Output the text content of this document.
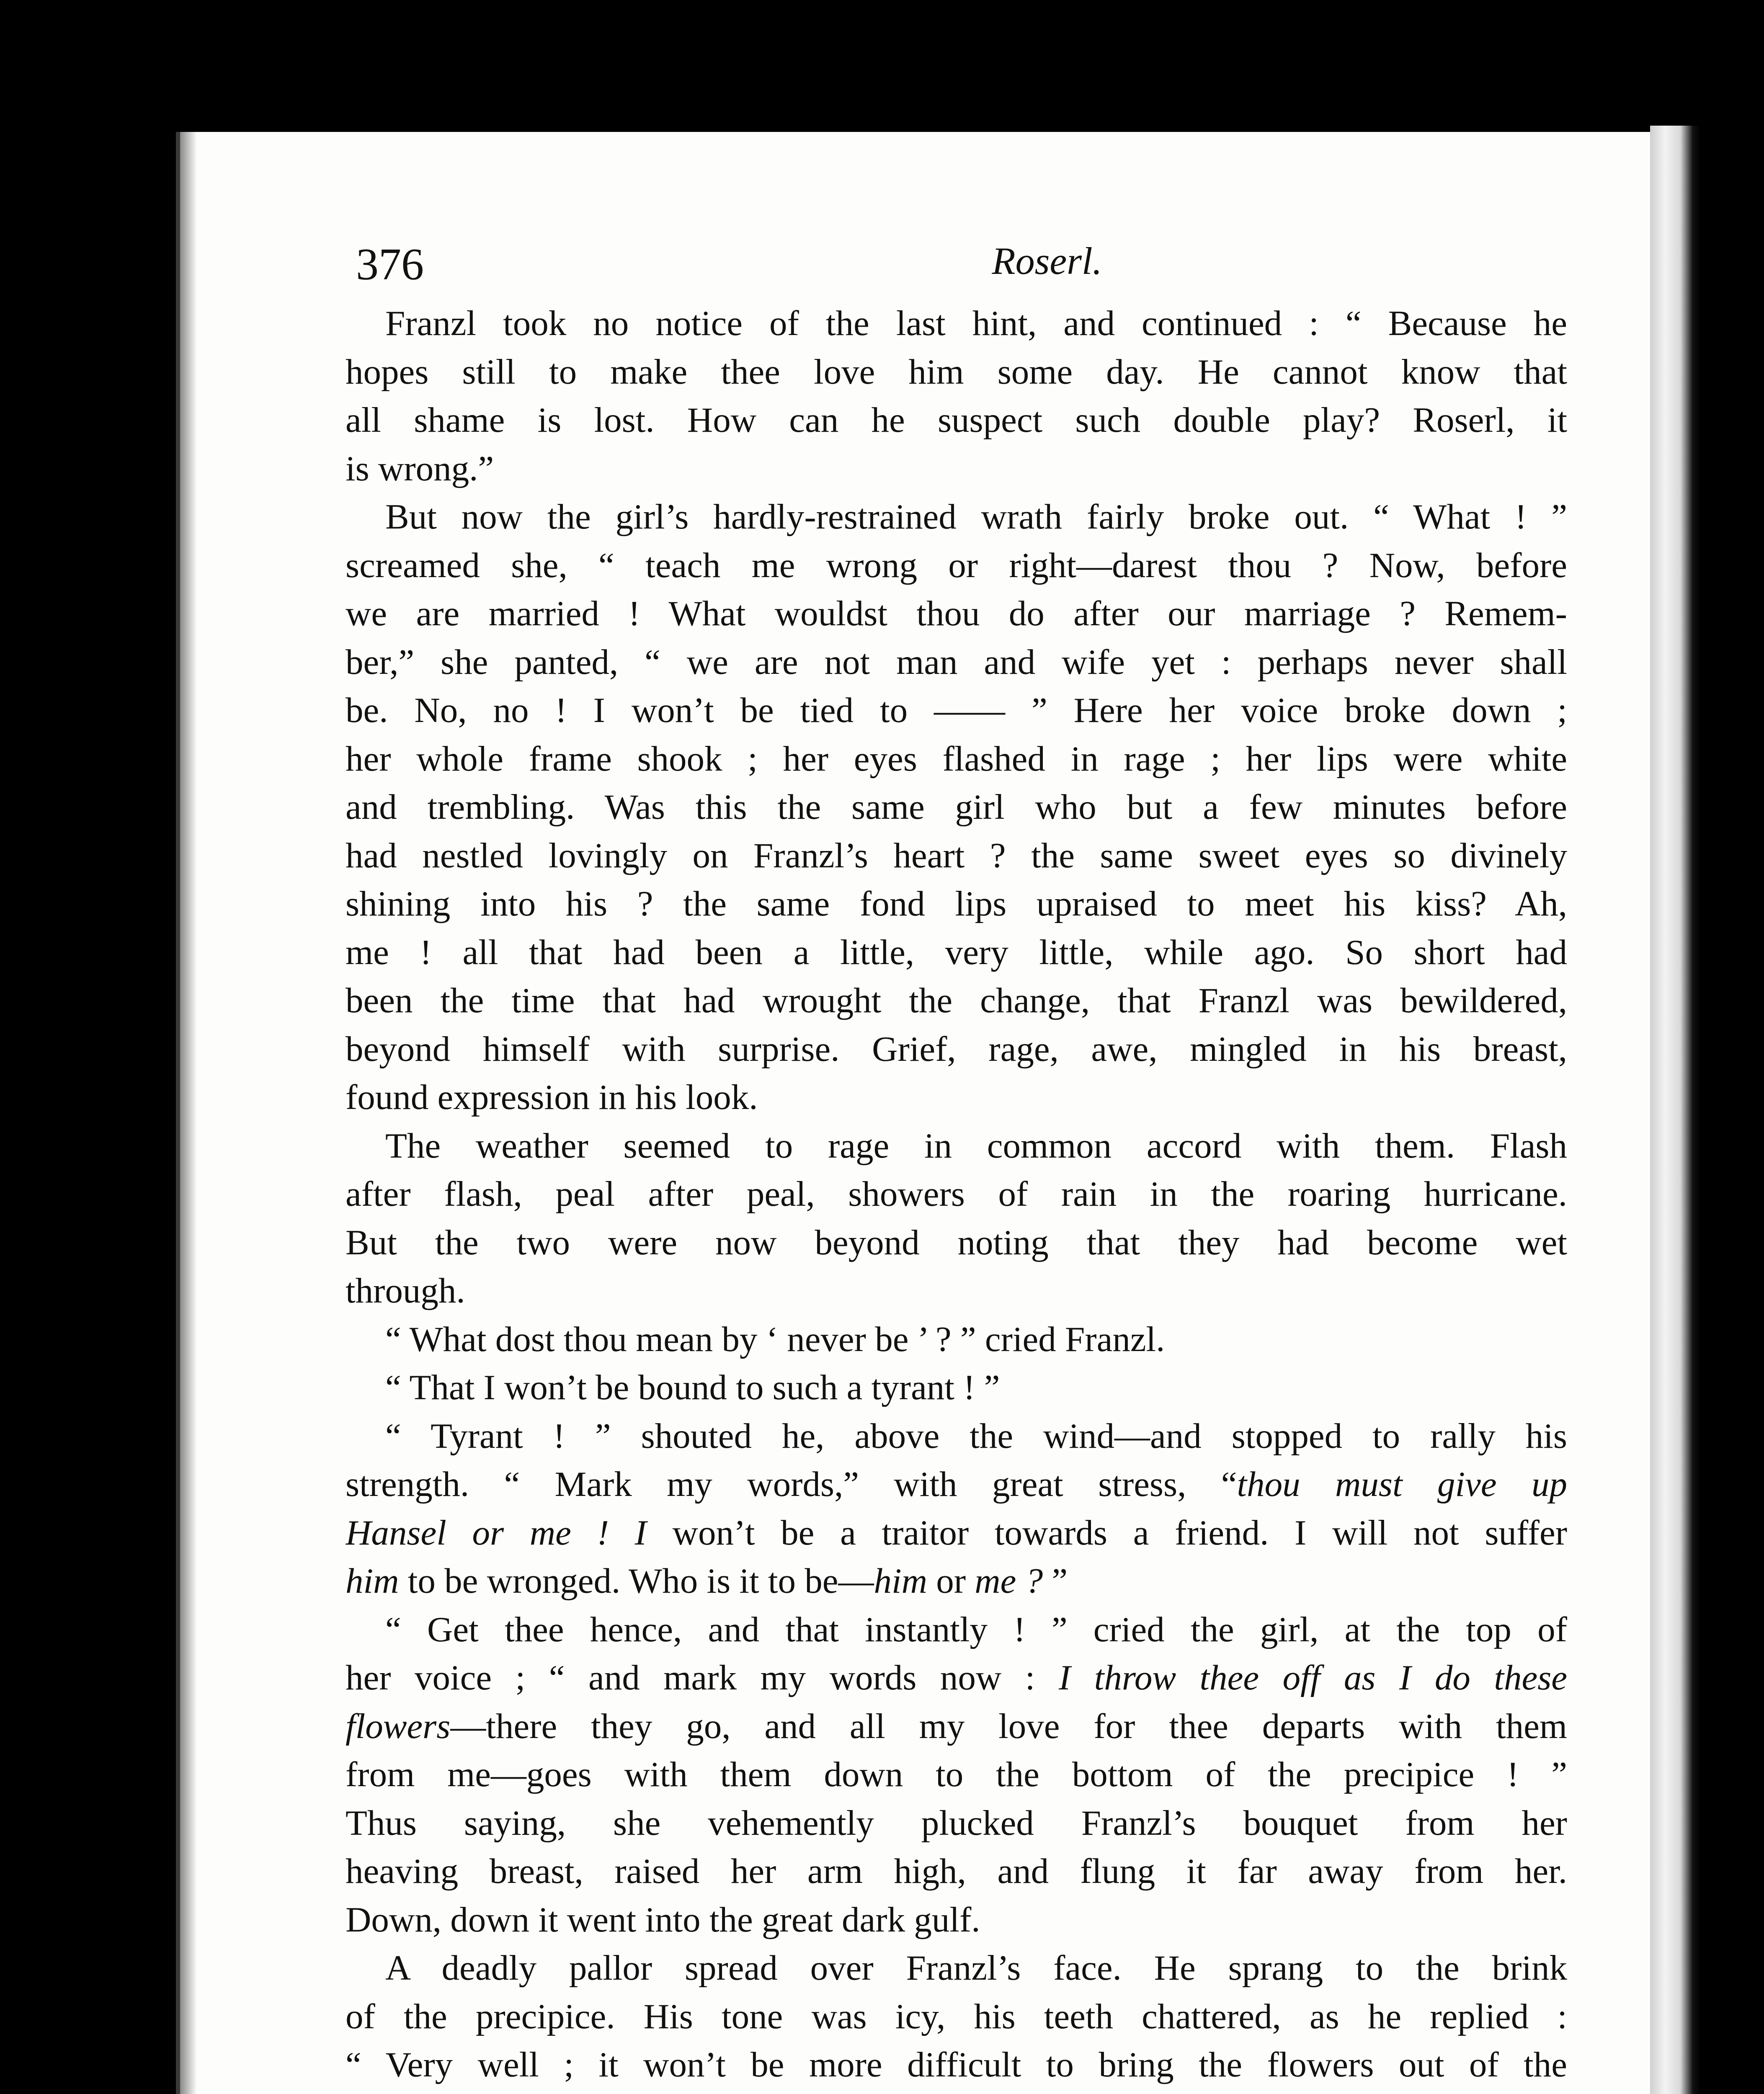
376	Roserl.
Franzl took no notice of the last hint, and continued : “ Because he
hopes still to make thee love him some day. He cannot know that
all shame is lost. How can he suspect such double play? Roserl, it
is wrong.”
But now the girl’s hardly-restrained wrath fairly broke out. “ What ! ”
screamed she, “ teach me wrong or right—darest thou ? Now, before
we are married ! What wouldst thou do after our marriage ? Remem-
ber,” she panted, “ we are not man and wife yet : perhaps never shall
be. No, no ! I won’t be tied to —— ” Here her voice broke down ;
her whole frame shook ; her eyes flashed in rage ; her lips were white
and trembling. Was this the same girl who but a few minutes before
had nestled lovingly on Franzl’s heart ? the same sweet eyes so divinely
shining into his ? the same fond lips upraised to meet his kiss? Ah,
me ! all that had been a little, very little, while ago. So short had
been the time that had wrought the change, that Franzl was bewildered,
beyond himself with surprise. Grief, rage, awe, mingled in his breast,
found expression in his look.
The weather seemed to rage in common accord with them. Flash
after flash, peal after peal, showers of rain in the roaring hurricane.
But the two were now beyond noting that they had become wet
through.
“ What dost thou mean by ‘ never be ’ ? ” cried Franzl.
“ That I won’t be bound to such a tyrant ! ”
“ Tyrant ! ” shouted he, above the wind—and stopped to rally his
strength. “ Mark my words,” with great stress, “thou must give up
Hansel or me ! I won’t be a traitor towards a friend. I will not suffer
him to be wronged. Who is it to be—him or me ? ”
“ Get thee hence, and that instantly ! ” cried the girl, at the top of
her voice ; “ and mark my words now : I throw thee off as I do these
flowers—there they go, and all my love for thee departs with them
from me—goes with them down to the bottom of the precipice ! ”
Thus saying, she vehemently plucked Franzl’s bouquet from her
heaving breast, raised her arm high, and flung it far away from her.
Down, down it went into the great dark gulf.
A deadly pallor spread over Franzl’s face. He sprang to the brink
of the precipice. His tone was icy, his teeth chattered, as he replied :
“ Very well ; it won’t be more difficult to bring the flowers out of the
